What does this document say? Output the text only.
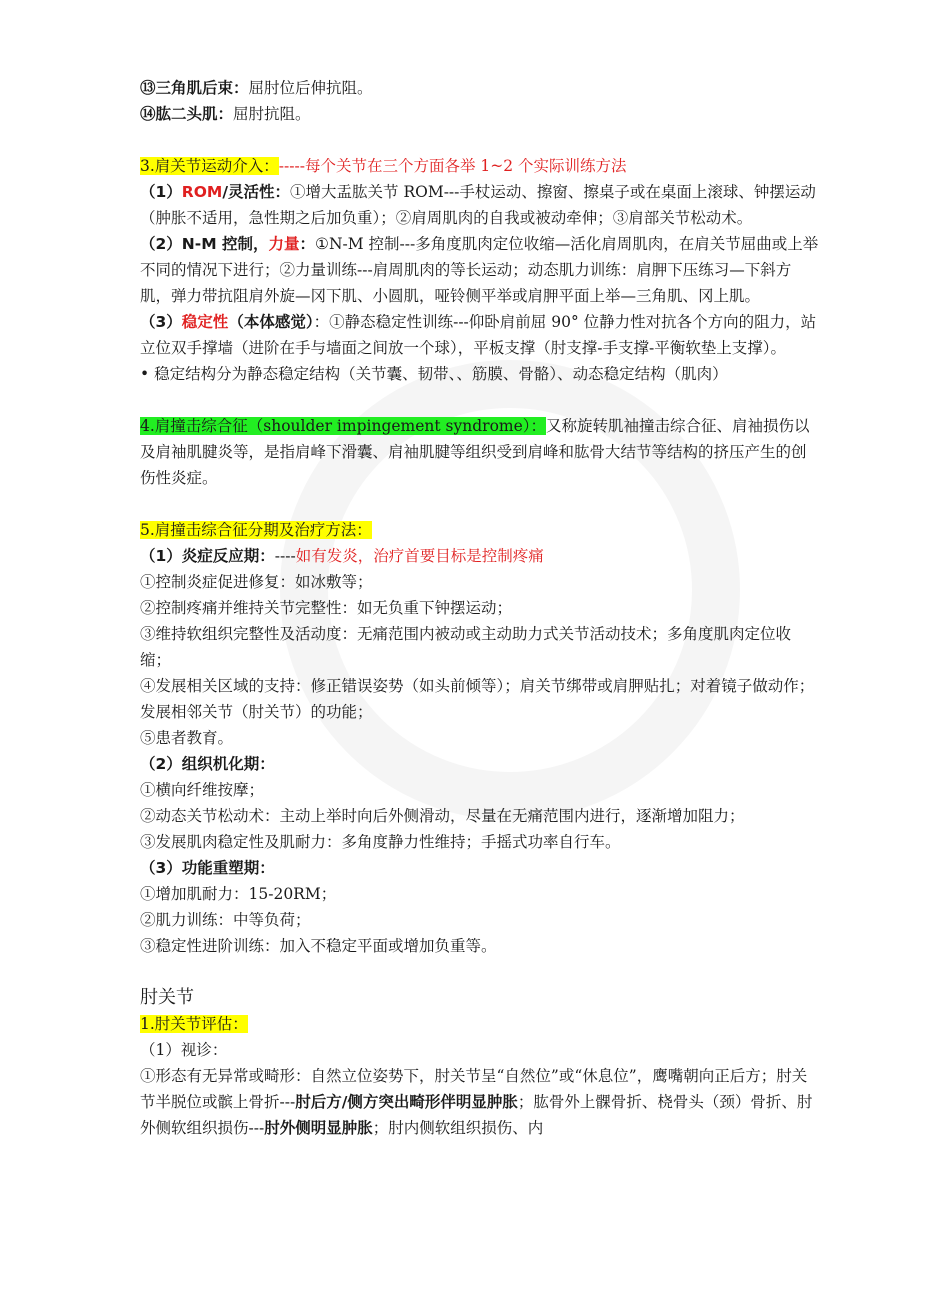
⑬三角肌后束：屈肘位后伸抗阻。

⑭肱二头肌：屈肘抗阻。

3.肩关节运动介入：-----每个关节在三个方面各举 1~2 个实际训练方法

（1）ROM/灵活性：①增大盂肱关节 ROM---手杖运动、擦窗、擦桌子或在桌面上滚球、钟摆运动（肿胀不适用，急性期之后加负重）；②肩周肌肉的自我或被动牵伸；③肩部关节松动术。

（2）N-M 控制，力量：①N-M 控制---多角度肌肉定位收缩—活化肩周肌肉，在肩关节屈曲或上举不同的情况下进行；②力量训练---肩周肌肉的等长运动；动态肌力训练：肩胛下压练习—下斜方肌，弹力带抗阻肩外旋—冈下肌、小圆肌，哑铃侧平举或肩胛平面上举—三角肌、冈上肌。

（3）稳定性（本体感觉）：①静态稳定性训练---仰卧肩前屈 90° 位静力性对抗各个方向的阻力，站立位双手撑墙（进阶在手与墙面之间放一个球），平板支撑（肘支撑-手支撑-平衡软垫上支撑）。

• 稳定结构分为静态稳定结构（关节囊、韧带、、筋膜、骨骼）、动态稳定结构（肌肉）

4.肩撞击综合征（shoulder impingement syndrome）：又称旋转肌袖撞击综合征、肩袖损伤以及肩袖肌腱炎等，是指肩峰下滑囊、肩袖肌腱等组织受到肩峰和肱骨大结节等结构的挤压产生的创伤性炎症。

5.肩撞击综合征分期及治疗方法：

（1）炎症反应期：----如有发炎，治疗首要目标是控制疼痛

①控制炎症促进修复：如冰敷等；

②控制疼痛并维持关节完整性：如无负重下钟摆运动；

③维持软组织完整性及活动度：无痛范围内被动或主动助力式关节活动技术；多角度肌肉定位收缩；

④发展相关区域的支持：修正错误姿势（如头前倾等）；肩关节绑带或肩胛贴扎；对着镜子做动作；发展相邻关节（肘关节）的功能；

⑤患者教育。

（2）组织机化期：

①横向纤维按摩；

②动态关节松动术：主动上举时向后外侧滑动，尽量在无痛范围内进行，逐渐增加阻力；

③发展肌肉稳定性及肌耐力：多角度静力性维持；手摇式功率自行车。

（3）功能重塑期：

①增加肌耐力：15-20RM；

②肌力训练：中等负荷；

③稳定性进阶训练：加入不稳定平面或增加负重等。

肘关节

1.肘关节评估：

（1）视诊：

①形态有无异常或畸形：自然立位姿势下，肘关节呈“自然位”或“休息位”，鹰嘴朝向正后方；肘关节半脱位或髌上骨折---肘后方/侧方突出畸形伴明显肿胀；肱骨外上髁骨折、桡骨头（颈）骨折、肘外侧软组织损伤---肘外侧明显肿胀；肘内侧软组织损伤、内
